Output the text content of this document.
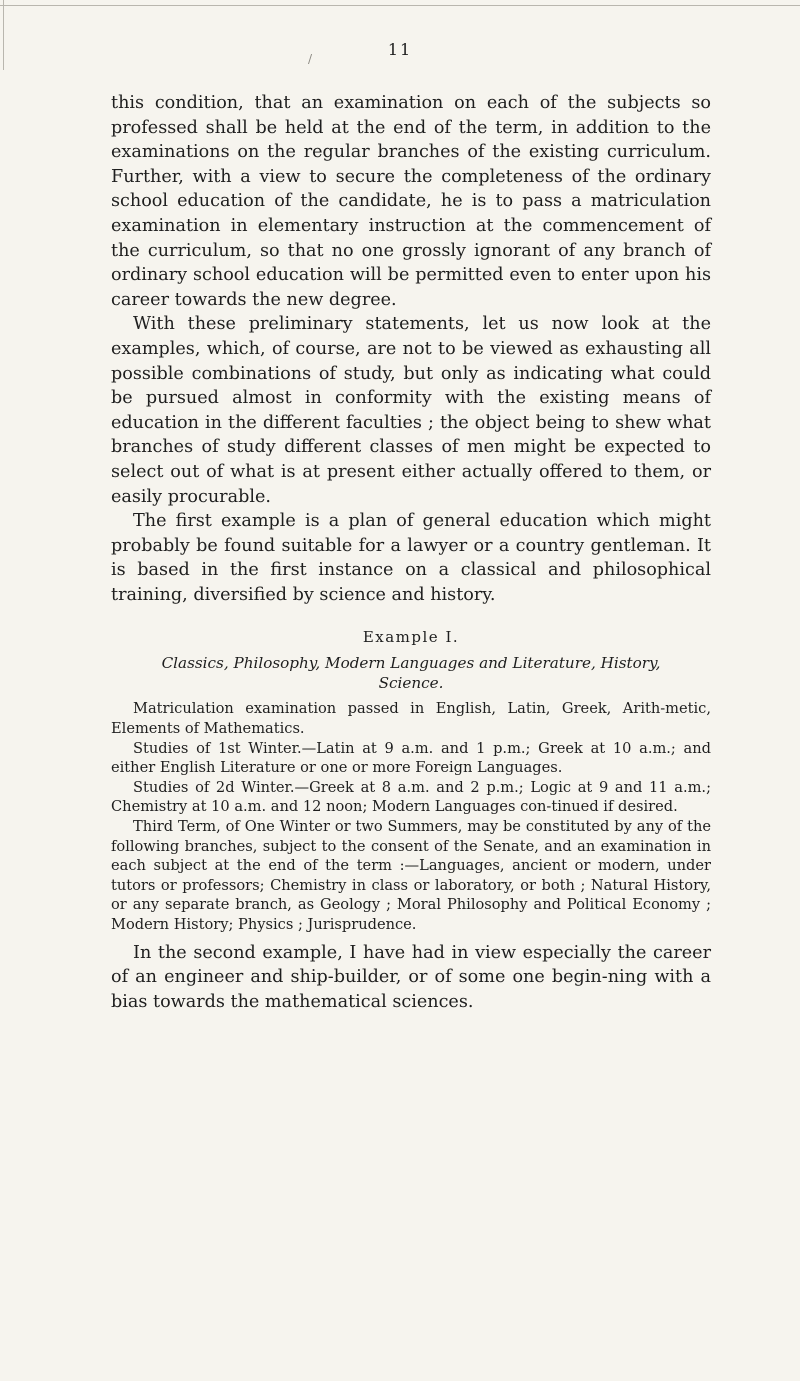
11
/

this condition, that an examination on each of the subjects so professed shall be held at the end of the term, in addition to the examinations on the regular branches of the existing curriculum. Further, with a view to secure the completeness of the ordinary school education of the candidate, he is to pass a matriculation examination in elementary instruction at the commencement of the curriculum, so that no one grossly ignorant of any branch of ordinary school education will be permitted even to enter upon his career towards the new degree.

With these preliminary statements, let us now look at the examples, which, of course, are not to be viewed as exhausting all possible combinations of study, but only as indicating what could be pursued almost in conformity with the existing means of education in the different faculties ; the object being to shew what branches of study different classes of men might be expected to select out of what is at present either actually offered to them, or easily procurable.

The first example is a plan of general education which might probably be found suitable for a lawyer or a country gentleman. It is based in the first instance on a classical and philosophical training, diversified by science and history.

Example I.
Classics, Philosophy, Modern Languages and Literature, History, Science.

Matriculation examination passed in English, Latin, Greek, Arith-metic, Elements of Mathematics.

Studies of 1st Winter.—Latin at 9 a.m. and 1 p.m.; Greek at 10 a.m.; and either English Literature or one or more Foreign Languages.

Studies of 2d Winter.—Greek at 8 a.m. and 2 p.m.; Logic at 9 and 11 a.m.; Chemistry at 10 a.m. and 12 noon; Modern Languages con-tinued if desired.

Third Term, of One Winter or two Summers, may be constituted by any of the following branches, subject to the consent of the Senate, and an examination in each subject at the end of the term :—Languages, ancient or modern, under tutors or professors; Chemistry in class or laboratory, or both ; Natural History, or any separate branch, as Geology ; Moral Philosophy and Political Economy ; Modern History; Physics ; Jurisprudence.

In the second example, I have had in view especially the career of an engineer and ship-builder, or of some one begin-ning with a bias towards the mathematical sciences.
